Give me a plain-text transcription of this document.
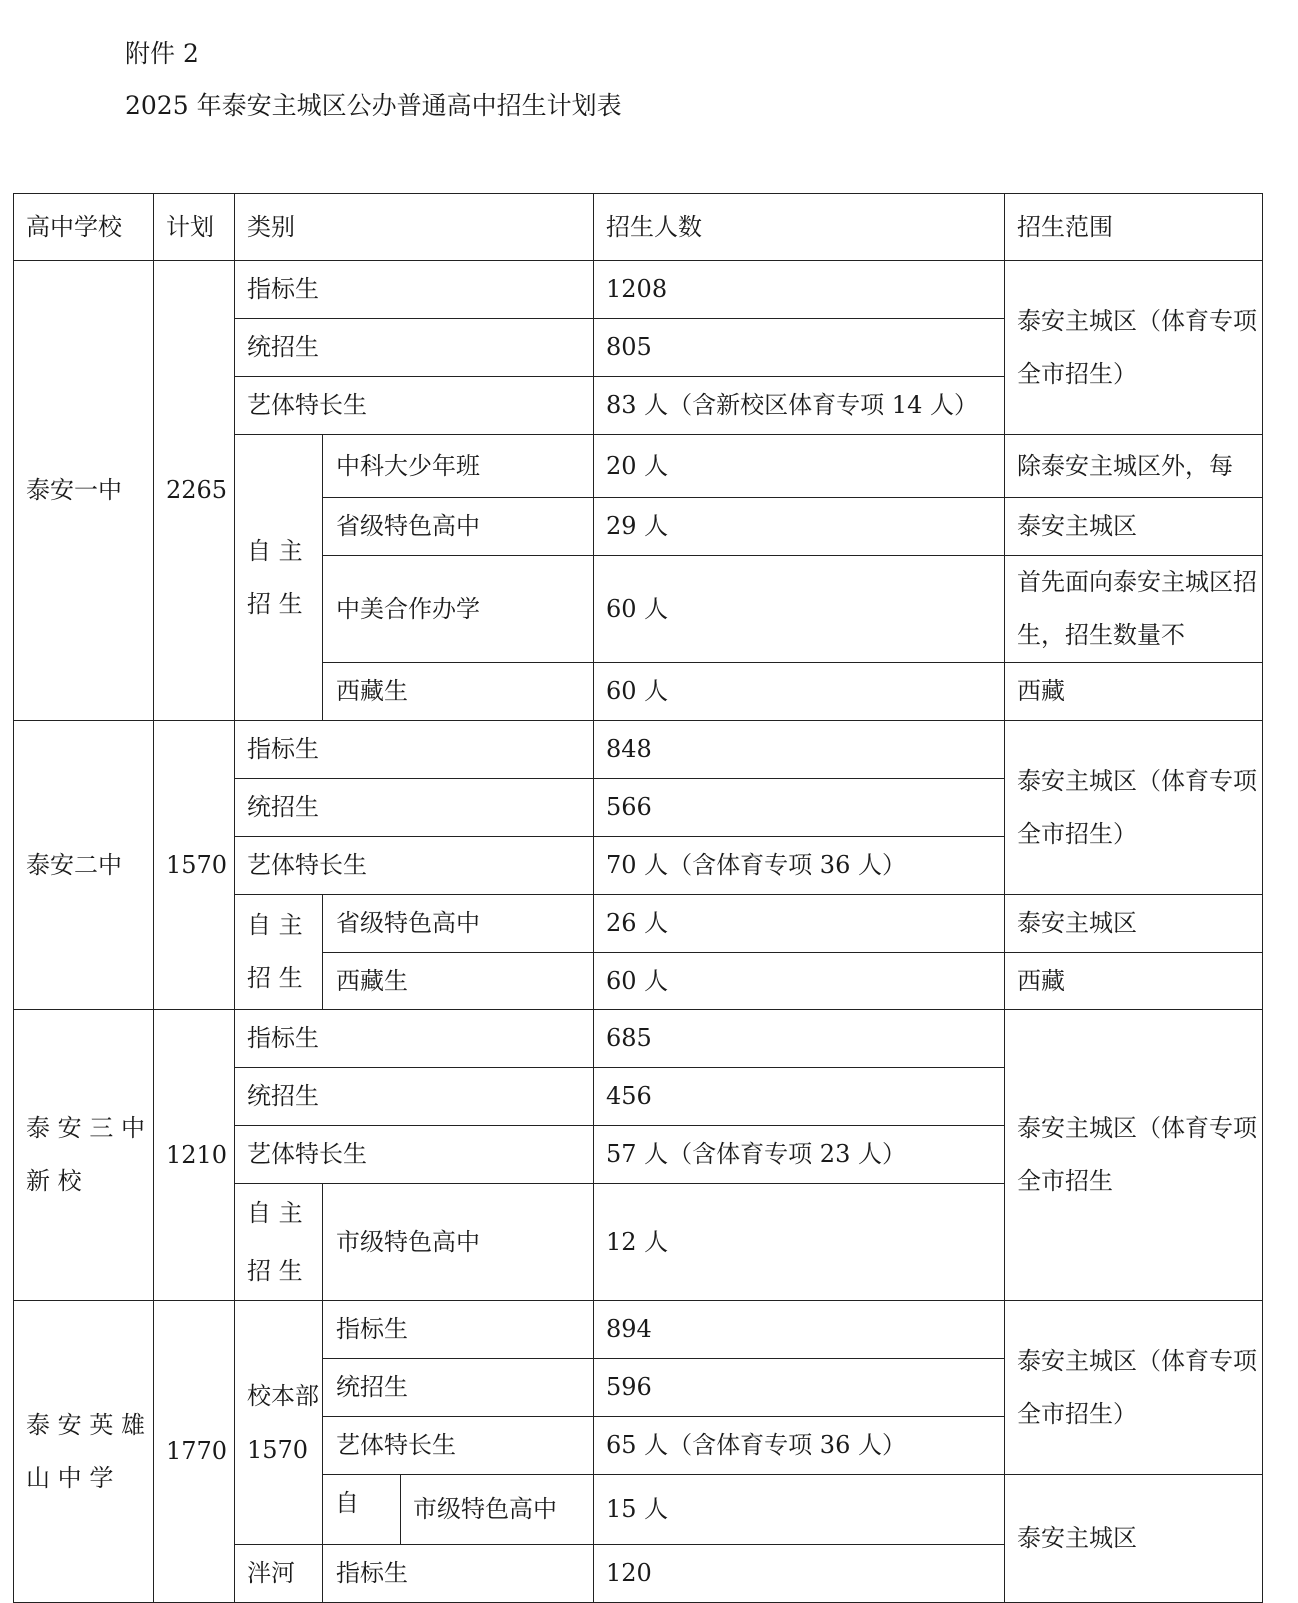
附件 2
2025 年泰安主城区公办普通高中招生计划表
高中学校	计划	类别			招生人数	招生范围
泰安一中	2265	指标生			1208	泰安主城区（体育专项全市招生）
		统招生			805	
		艺体特长生			83 人（含新校区体育专项 14 人）	
		自主招生	中科大少年班		20 人	除泰安主城区外，每
			省级特色高中		29 人	泰安主城区
			中美合作办学		60 人	首先面向泰安主城区招生，招生数量不
			西藏生		60 人	西藏
泰安二中	1570	指标生			848	泰安主城区（体育专项全市招生）
		统招生			566	
		艺体特长生			70 人（含体育专项 36 人）	
		自主招生	省级特色高中		26 人	泰安主城区
			西藏生		60 人	西藏
泰安三中新校	1210	指标生			685	泰安主城区（体育专项全市招生
		统招生			456	
		艺体特长生			57 人（含体育专项 23 人）	
		自主招生	市级特色高中		12 人	
泰安英雄山中学	1770	校本部1570	指标生		894	泰安主城区（体育专项全市招生）
			统招生		596	
			艺体特长生		65 人（含体育专项 36 人）	
			自	市级特色高中	15 人	泰安主城区
		泮河	指标生		120	
